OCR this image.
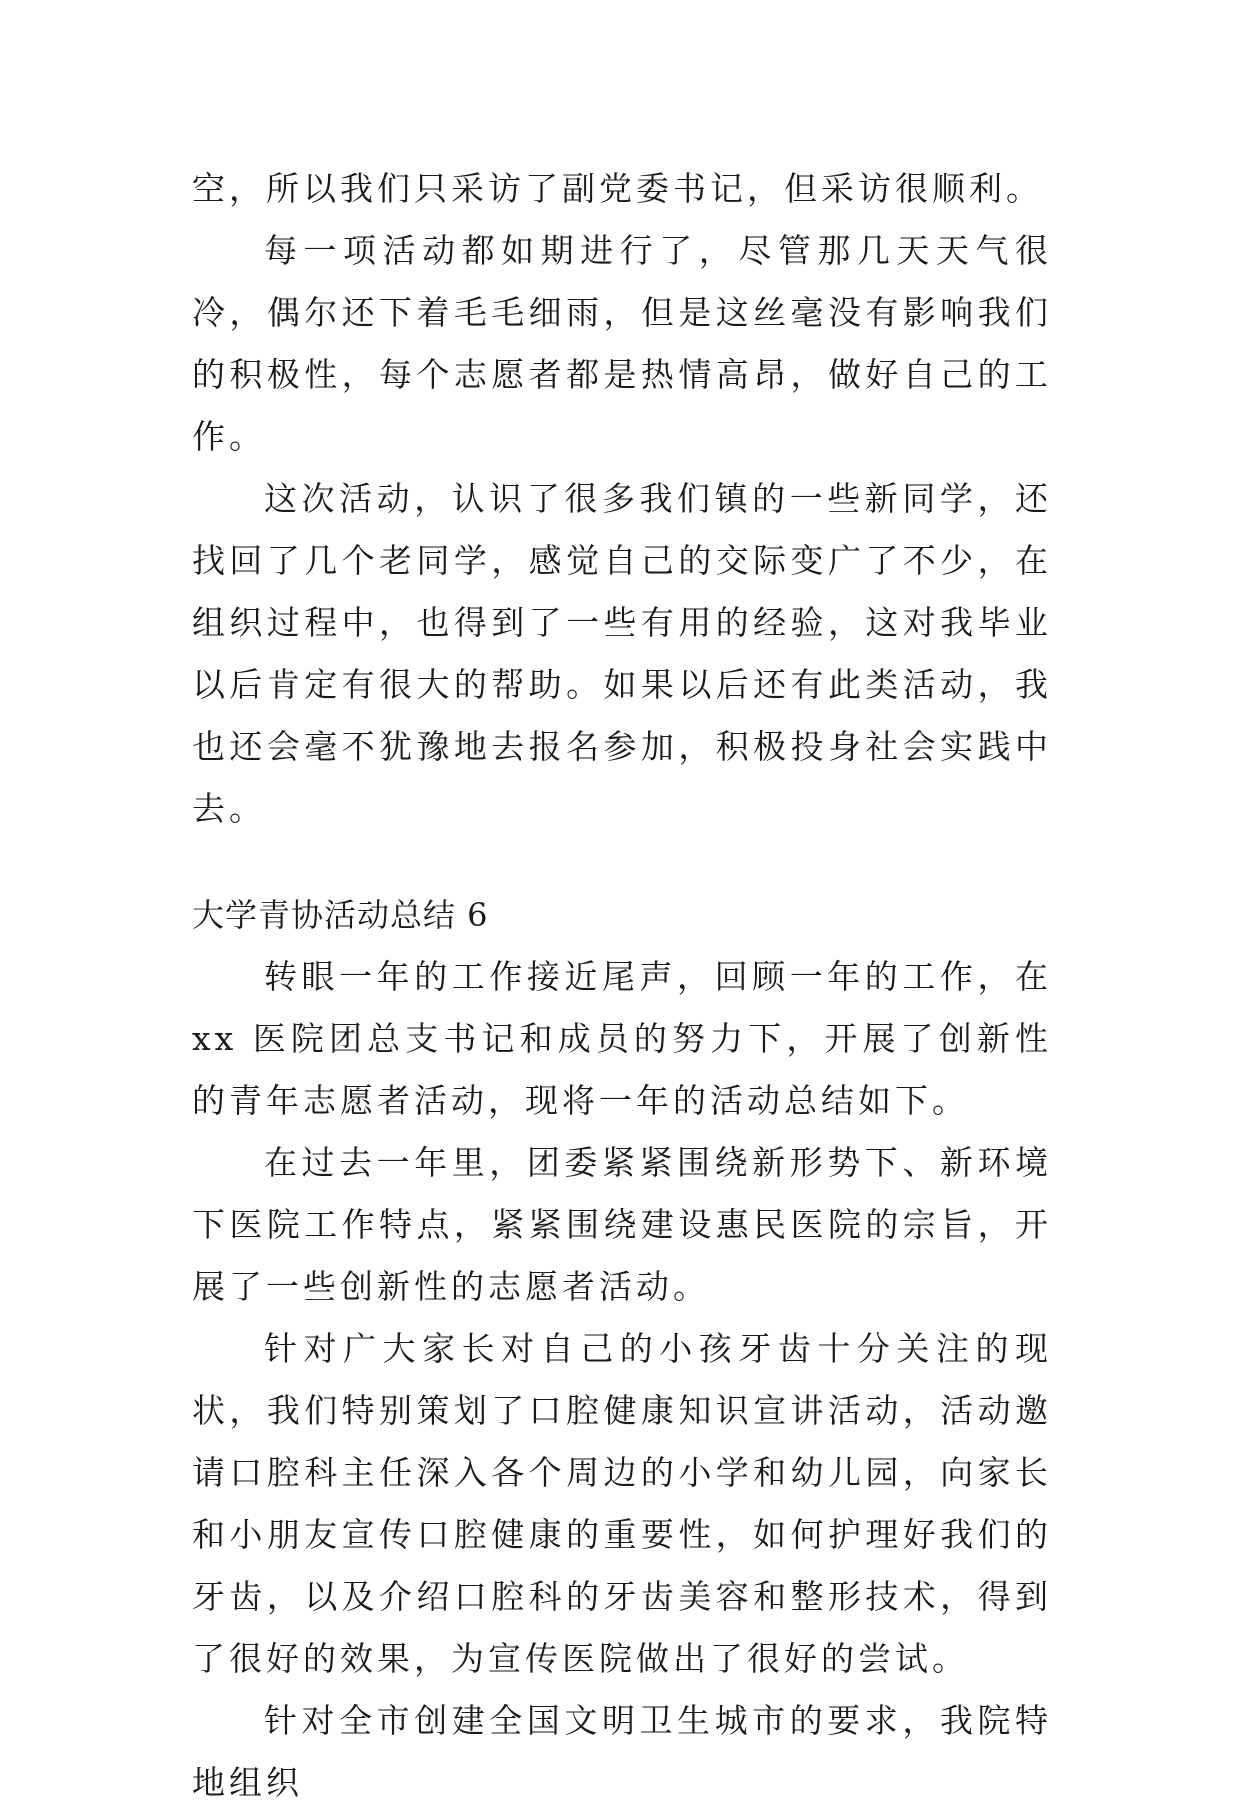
空，所以我们只采访了副党委书记，但采访很顺利。

每一项活动都如期进行了，尽管那几天天气很冷，偶尔还下着毛毛细雨，但是这丝毫没有影响我们的积极性，每个志愿者都是热情高昂，做好自己的工作。

这次活动，认识了很多我们镇的一些新同学，还找回了几个老同学，感觉自己的交际变广了不少，在组织过程中，也得到了一些有用的经验，这对我毕业以后肯定有很大的帮助。如果以后还有此类活动，我也还会毫不犹豫地去报名参加，积极投身社会实践中去。

大学青协活动总结 6

转眼一年的工作接近尾声，回顾一年的工作，在 xx 医院团总支书记和成员的努力下，开展了创新性的青年志愿者活动，现将一年的活动总结如下。

在过去一年里，团委紧紧围绕新形势下、新环境下医院工作特点，紧紧围绕建设惠民医院的宗旨，开展了一些创新性的志愿者活动。

针对广大家长对自己的小孩牙齿十分关注的现状，我们特别策划了口腔健康知识宣讲活动，活动邀请口腔科主任深入各个周边的小学和幼儿园，向家长和小朋友宣传口腔健康的重要性，如何护理好我们的牙齿，以及介绍口腔科的牙齿美容和整形技术，得到了很好的效果，为宣传医院做出了很好的尝试。

针对全市创建全国文明卫生城市的要求，我院特地组织
